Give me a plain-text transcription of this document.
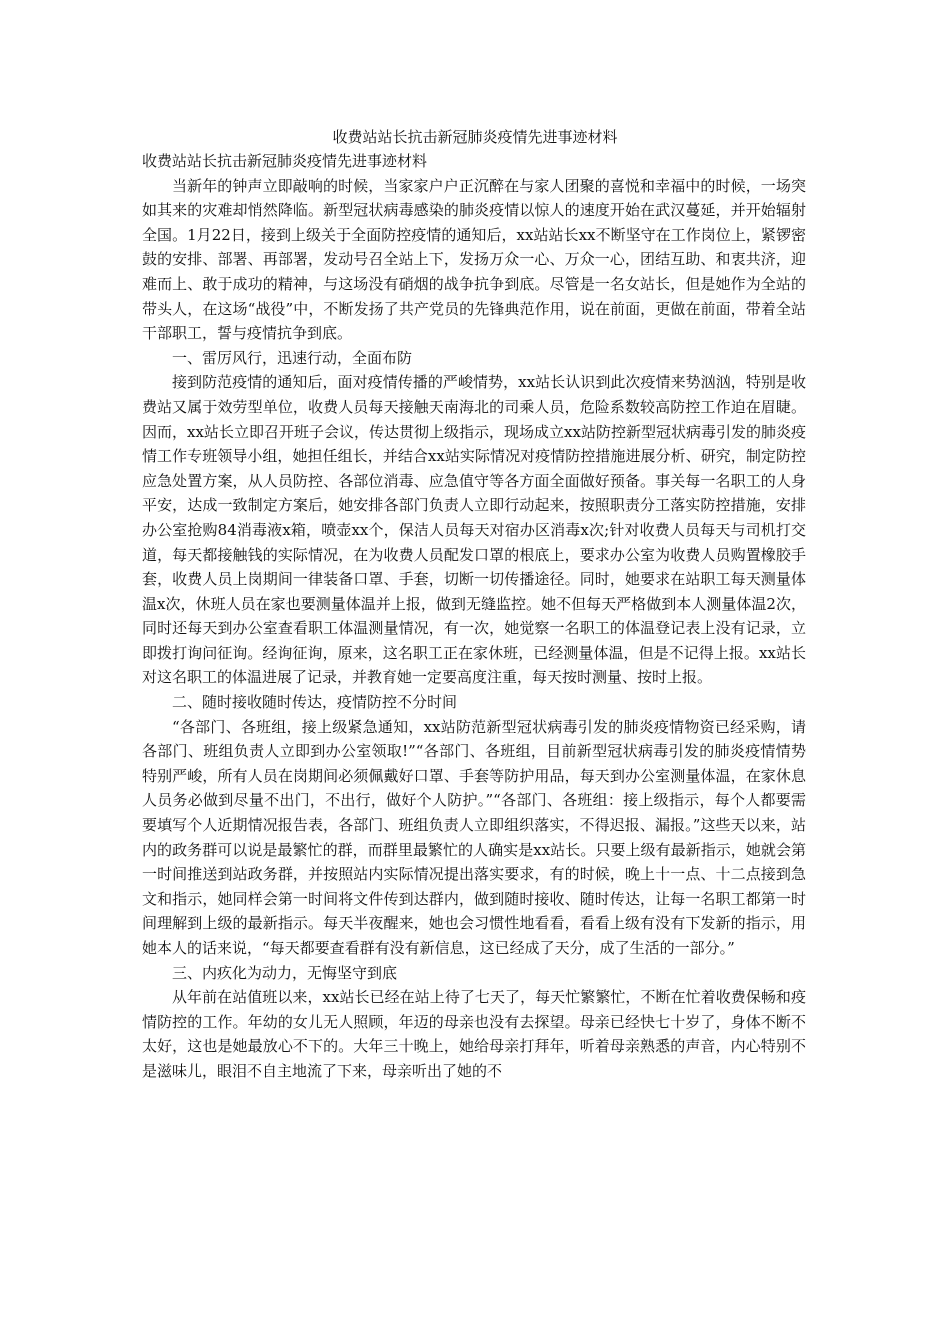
收费站站长抗击新冠肺炎疫情先进事迹材料

收费站站长抗击新冠肺炎疫情先进事迹材料

当新年的钟声立即敲响的时候，当家家户户正沉醉在与家人团聚的喜悦和幸福中的时候，一场突如其来的灾难却悄然降临。新型冠状病毒感染的肺炎疫情以惊人的速度开始在武汉蔓延，并开始辐射全国。1月22日，接到上级关于全面防控疫情的通知后，xx站站长xx不断坚守在工作岗位上，紧锣密鼓的安排、部署、再部署，发动号召全站上下，发扬万众一心、万众一心，团结互助、和衷共济，迎难而上、敢于成功的精神，与这场没有硝烟的战争抗争到底。尽管是一名女站长，但是她作为全站的带头人，在这场“战役”中，不断发扬了共产党员的先锋典范作用，说在前面，更做在前面，带着全站干部职工，誓与疫情抗争到底。

一、雷厉风行，迅速行动，全面布防

接到防范疫情的通知后，面对疫情传播的严峻情势，xx站长认识到此次疫情来势汹汹，特别是收费站又属于效劳型单位，收费人员每天接触天南海北的司乘人员，危险系数较高防控工作迫在眉睫。因而，xx站长立即召开班子会议，传达贯彻上级指示，现场成立xx站防控新型冠状病毒引发的肺炎疫情工作专班领导小组，她担任组长，并结合xx站实际情况对疫情防控措施进展分析、研究，制定防控应急处置方案，从人员防控、各部位消毒、应急值守等各方面全面做好预备。事关每一名职工的人身平安，达成一致制定方案后，她安排各部门负责人立即行动起来，按照职责分工落实防控措施，安排办公室抢购84消毒液x箱，喷壶xx个，保洁人员每天对宿办区消毒x次;针对收费人员每天与司机打交道，每天都接触钱的实际情况，在为收费人员配发口罩的根底上，要求办公室为收费人员购置橡胶手套，收费人员上岗期间一律装备口罩、手套，切断一切传播途径。同时，她要求在站职工每天测量体温x次，休班人员在家也要测量体温并上报，做到无缝监控。她不但每天严格做到本人测量体温2次，同时还每天到办公室查看职工体温测量情况，有一次，她觉察一名职工的体温登记表上没有记录，立即拨打询问征询。经询征询，原来，这名职工正在家休班，已经测量体温，但是不记得上报。xx站长对这名职工的体温进展了记录，并教育她一定要高度注重，每天按时测量、按时上报。

二、随时接收随时传达，疫情防控不分时间

“各部门、各班组，接上级紧急通知，xx站防范新型冠状病毒引发的肺炎疫情物资已经采购，请各部门、班组负责人立即到办公室领取!”“各部门、各班组，目前新型冠状病毒引发的肺炎疫情情势特别严峻，所有人员在岗期间必须佩戴好口罩、手套等防护用品，每天到办公室测量体温，在家休息人员务必做到尽量不出门，不出行，做好个人防护。”“各部门、各班组：接上级指示，每个人都要需要填写个人近期情况报告表，各部门、班组负责人立即组织落实，不得迟报、漏报。”这些天以来，站内的政务群可以说是最繁忙的群，而群里最繁忙的人确实是xx站长。只要上级有最新指示，她就会第一时间推送到站政务群，并按照站内实际情况提出落实要求，有的时候，晚上十一点、十二点接到急文和指示，她同样会第一时间将文件传到达群内，做到随时接收、随时传达，让每一名职工都第一时间理解到上级的最新指示。每天半夜醒来，她也会习惯性地看看，看看上级有没有下发新的指示，用她本人的话来说，“每天都要查看群有没有新信息，这已经成了天分，成了生活的一部分。”

三、内疚化为动力，无悔坚守到底

从年前在站值班以来，xx站长已经在站上待了七天了，每天忙繁繁忙，不断在忙着收费保畅和疫情防控的工作。年幼的女儿无人照顾，年迈的母亲也没有去探望。母亲已经快七十岁了，身体不断不太好，这也是她最放心不下的。大年三十晚上，她给母亲打拜年，听着母亲熟悉的声音，内心特别不是滋味儿，眼泪不自主地流了下来，母亲听出了她的不
